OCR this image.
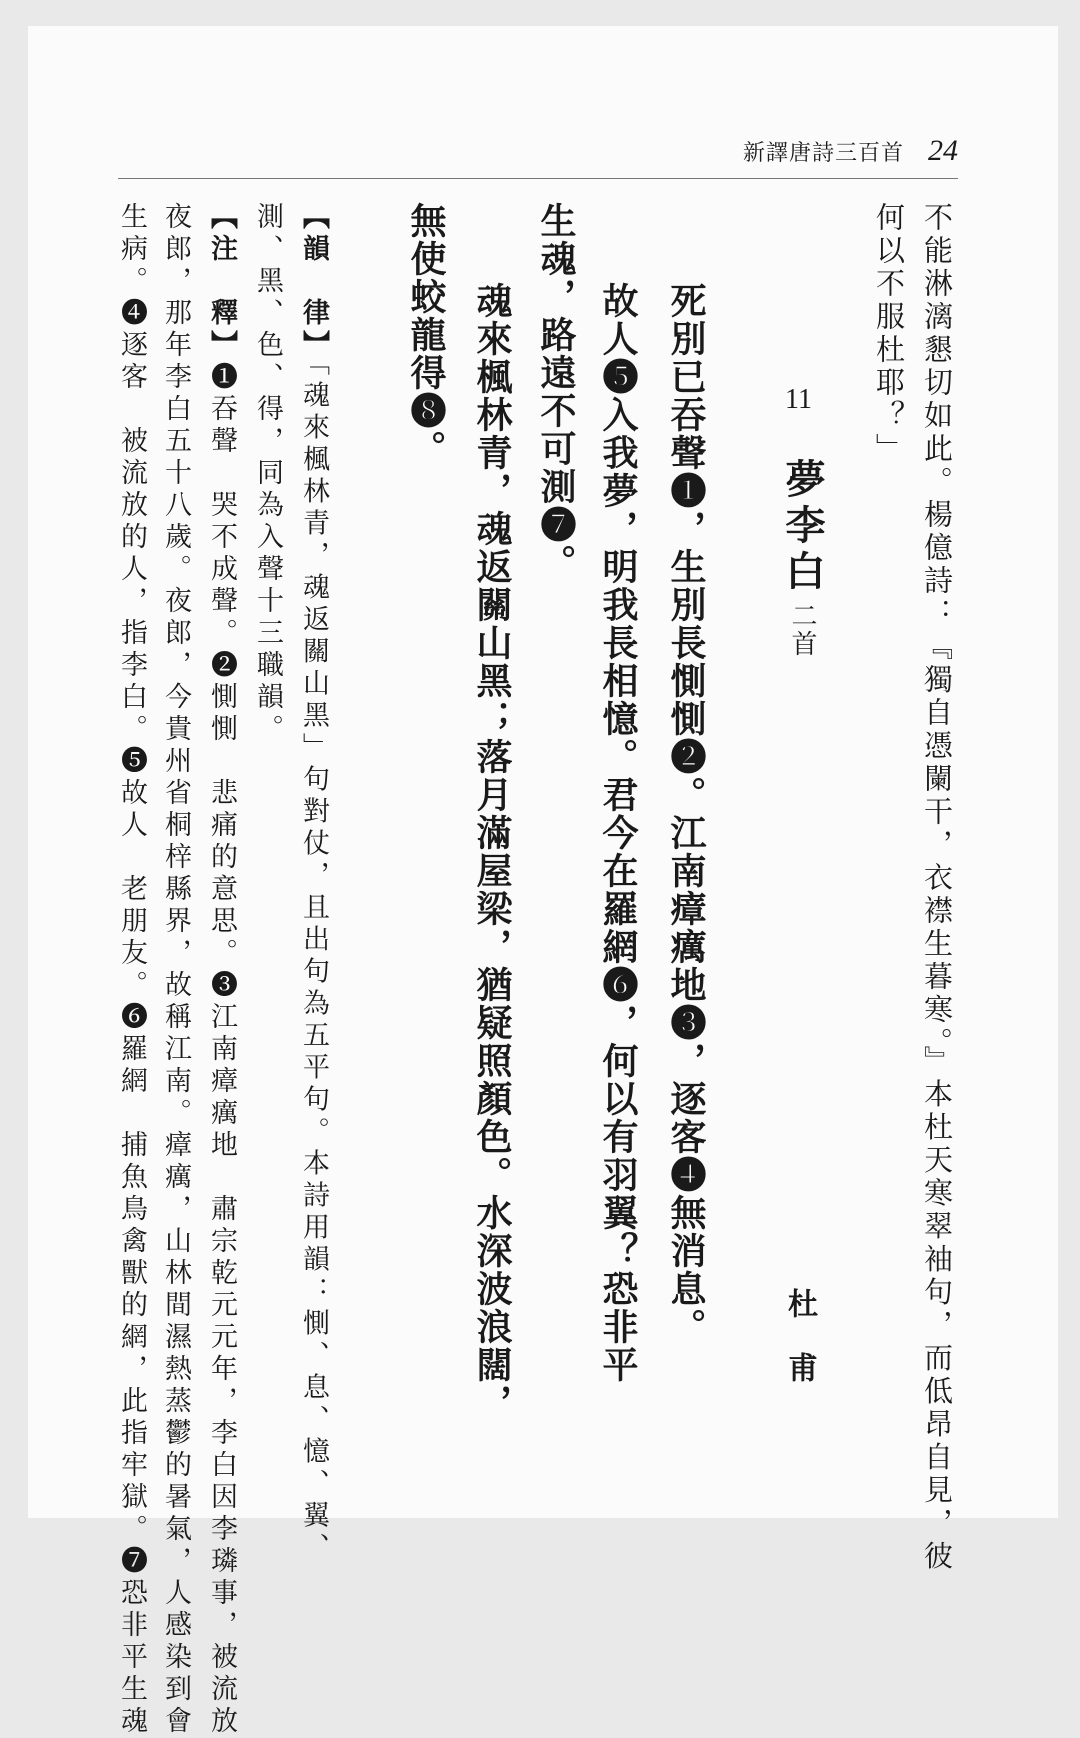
首百三詩唐譯新 24
不能淋漓懇切如此。楊億詩：『獨自憑闌干，衣襟生暮寒。』本杜天寒翠袖句，而低昂自見，彼
何以不服杜耶？」
11
夢李白二首
杜甫
死別已吞聲❶，生別長惻惻❷。江南瘴癘地❸，逐客❹無消息。
故人❺入我夢，明我長相憶。君今在羅網❻，何以有羽翼？恐非平
生魂，路遠不可測❼。
魂來楓林青，魂返關山黑；落月滿屋梁，猶疑照顏色。水深波浪闊，
無使蛟龍得❽。
【韻　律】「魂來楓林青，魂返關山黑」句對仗，且出句為五平句。本詩用韻：惻、息、憶、翼、
測、黑、色、得，同為入聲十三職韻。
【注　釋】❶吞聲　哭不成聲。❷惻惻　悲痛的意思。❸江南瘴癘地　肅宗乾元元年，李白因李璘事，被流放
夜郎，那年李白五十八歲。夜郎，今貴州省桐梓縣界，故稱江南。瘴癘，山林間濕熱蒸鬱的暑氣，人感染到會
生病。❹逐客　被流放的人，指李白。❺故人　老朋友。❻羅網　捕魚鳥禽獸的網，此指牢獄。❼恐非平生魂
